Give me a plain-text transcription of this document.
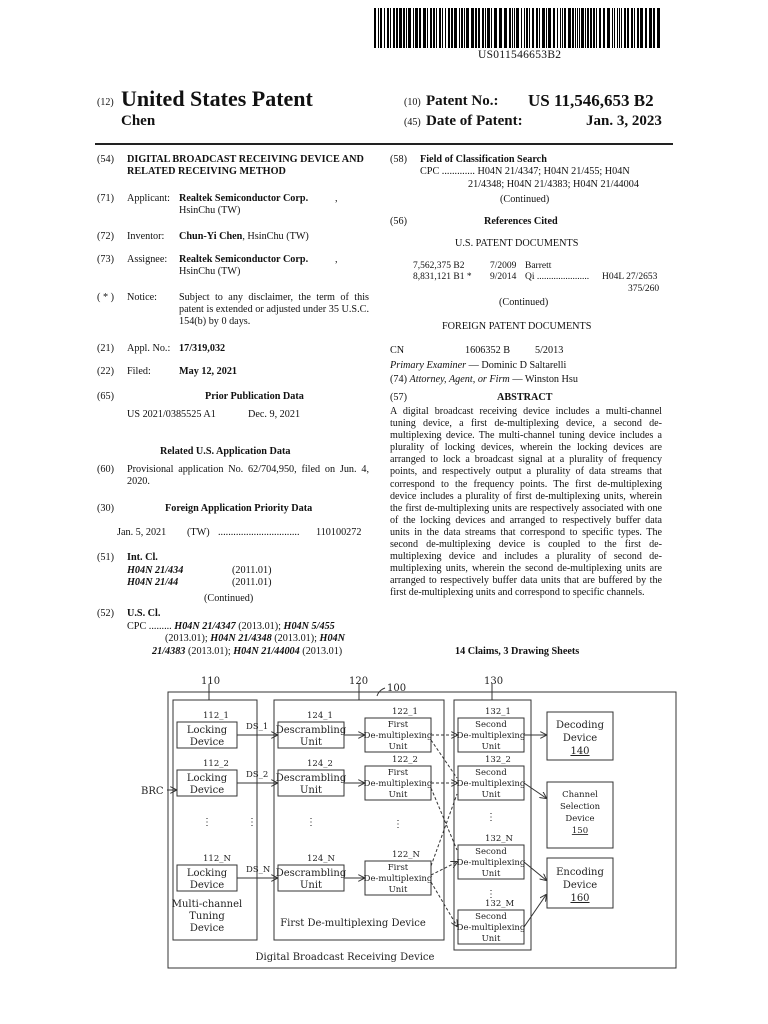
US011546653B2
(12) United States Patent
Chen
(10) Patent No.: US 11,546,653 B2
(45) Date of Patent:	Jan. 3, 2023
(54) DIGITAL BROADCAST RECEIVING DEVICE AND RELATED RECEIVING METHOD
(71) Applicant: Realtek Semiconductor Corp.	,
HsinChu (TW)
(72) Inventor: Chun-Yi Chen, HsinChu (TW)
(73) Assignee: Realtek Semiconductor Corp.	,
HsinChu (TW)
( * ) Notice: Subject to any disclaimer, the term of this patent is extended or adjusted under 35 U.S.C. 154(b) by 0 days.
(21) Appl. No.: 17/319,032
(22) Filed:	May 12, 2021
(65)	Prior Publication Data
US 2021/0385525 A1	Dec. 9, 2021
Related U.S. Application Data
(60) Provisional application No. 62/704,950, filed on Jun. 4, 2020.
(30)	Foreign Application Priority Data
Jan. 5, 2021 (TW) ................................ 110100272
(51) Int. Cl.
H04N 21/434	(2011.01)
H04N 21/44	(2011.01)
(Continued)
(52) U.S. Cl.
CPC ......... H04N 21/4347 (2013.01); H04N 5/455
(2013.01); H04N 21/4348 (2013.01); H04N
21/4383 (2013.01); H04N 21/44004 (2013.01)
(58) Field of Classification Search
CPC ............. H04N 21/4347; H04N 21/455; H04N
21/4348; H04N 21/4383; H04N 21/44004
(Continued)
(56)	References Cited
U.S. PATENT DOCUMENTS
7,562,375 B2	7/2009 Barrett
8,831,121 B1 * 9/2014 Qi ...................... H04L 27/2653
375/260
(Continued)
FOREIGN PATENT DOCUMENTS
CN	1606352 B 5/2013
Primary Examiner — Dominic D Saltarelli
(74) Attorney, Agent, or Firm — Winston Hsu
(57)	ABSTRACT
A digital broadcast receiving device includes a multi-channel tuning device, a first de-multiplexing device, a second de-multiplexing device. The multi-channel tuning device includes a plurality of locking devices, wherein the locking devices are arranged to lock a broadcast signal at a plurality of frequency points, and respectively output a plurality of data streams that correspond to the frequency points. The first de-multiplexing device includes a plurality of first de-multiplexing units, wherein the first de-multiplexing units are respectively associated with one of the locking devices and arranged to respectively buffer data units in the data streams that correspond to specific types. The second de-multiplexing device is coupled to the first de-multiplexing device and includes a plurality of second de-multiplexing units, wherein the second de-multiplexing units are arranged to respectively buffer data units that are buffered by the first de-multiplexing units and correspond to specific channels.
14 Claims, 3 Drawing Sheets
110	120
100
130
BRC
112_1
Locking
Device
112_2
Locking
Device
112_N
Locking
Device
⋮	⋮
Multi-channel
Tuning
Device
DS_1
DS_2
DS_N
124_1
Descrambling
Unit
124_2
Descrambling
Unit
124_N
Descrambling
Unit
⋮
122_1
First
De-multiplexing
Unit
122_2
First
De-multiplexing
Unit
122_N
First
De-multiplexing
Unit
⋮
First De-multiplexing Device
132_1
Second
De-multiplexing
Unit
132_2
Second
De-multiplexing
Unit
⋮
132_N
Second
De-multiplexing
Unit
⋮
132_M
Second
De-multiplexing
Unit
Decoding
Device
140
Channel
Selection
Device
150
Encoding
Device
160
Digital Broadcast Receiving Device
